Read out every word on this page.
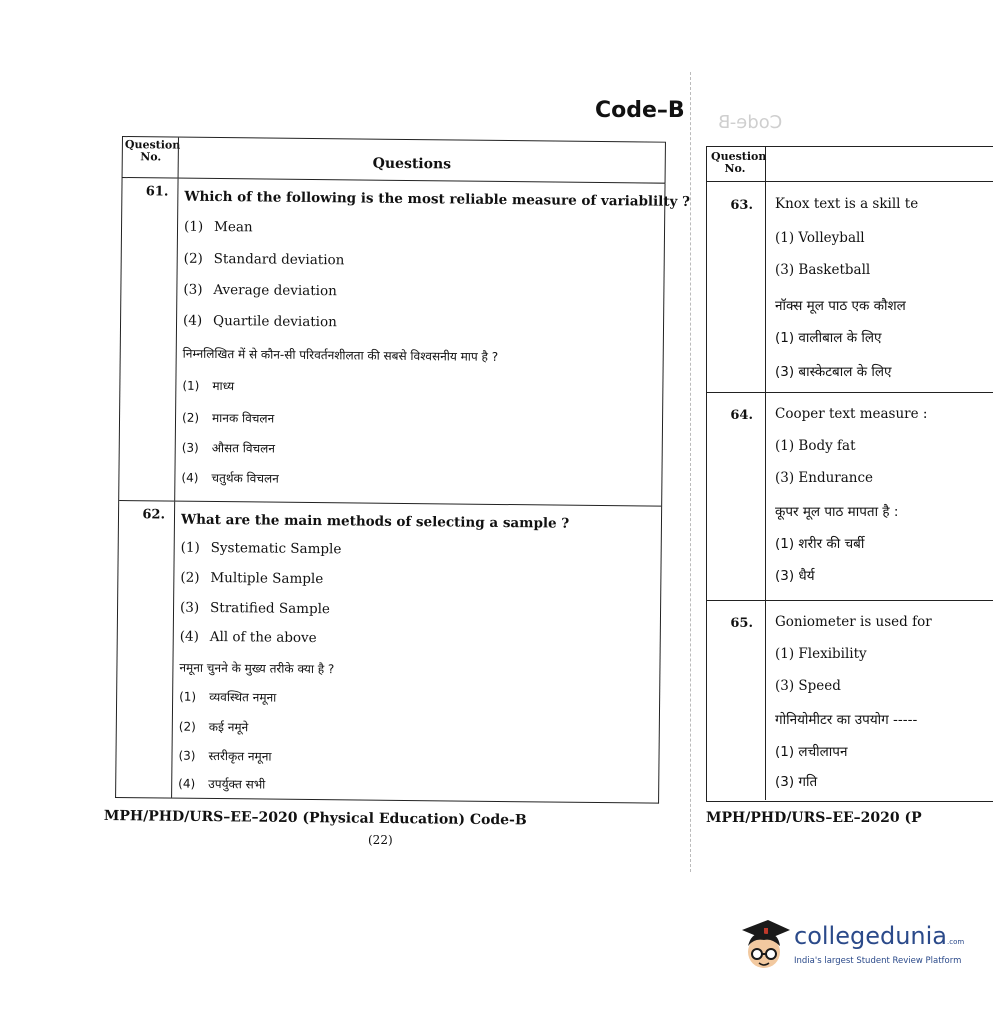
Code–B Code-B
Question No.	Questions
61. Which of the following is the most reliable measure of variablilty ?
(1) Mean
(2) Standard deviation
(3) Average deviation
(4) Quartile deviation
निम्नलिखित में से कौन-सी परिवर्तनशीलता की सबसे विश्वसनीय माप है ?
(1) माध्य
(2) मानक विचलन
(3) औसत विचलन
(4) चतुर्थक विचलन
62. What are the main methods of selecting a sample ?
(1) Systematic Sample
(2) Multiple Sample
(3) Stratified Sample
(4) All of the above
नमूना चुनने के मुख्य तरीके क्या है ?
(1) व्यवस्थित नमूना
(2) कई नमूने
(3) स्तरीकृत नमूना
(4) उपर्युक्त सभी
MPH/PHD/URS–EE–2020 (Physical Education) Code-B
(22)
Question No.
63. Knox text is a skill te
(1) Volleyball
(3) Basketball
नॉक्स मूल पाठ एक कौशल
(1) वालीबाल के लिए
(3) बास्केटबाल के लिए
64. Cooper text measure :
(1) Body fat
(3) Endurance
कूपर मूल पाठ मापता है :
(1) शरीर की चर्बी
(3) धैर्य
65. Goniometer is used for
(1) Flexibility
(3) Speed
गोनियोमीटर का उपयोग -----
(1) लचीलापन
(3) गति
MPH/PHD/URS–EE–2020 (P
collegedunia.com
India's largest Student Review Platform
